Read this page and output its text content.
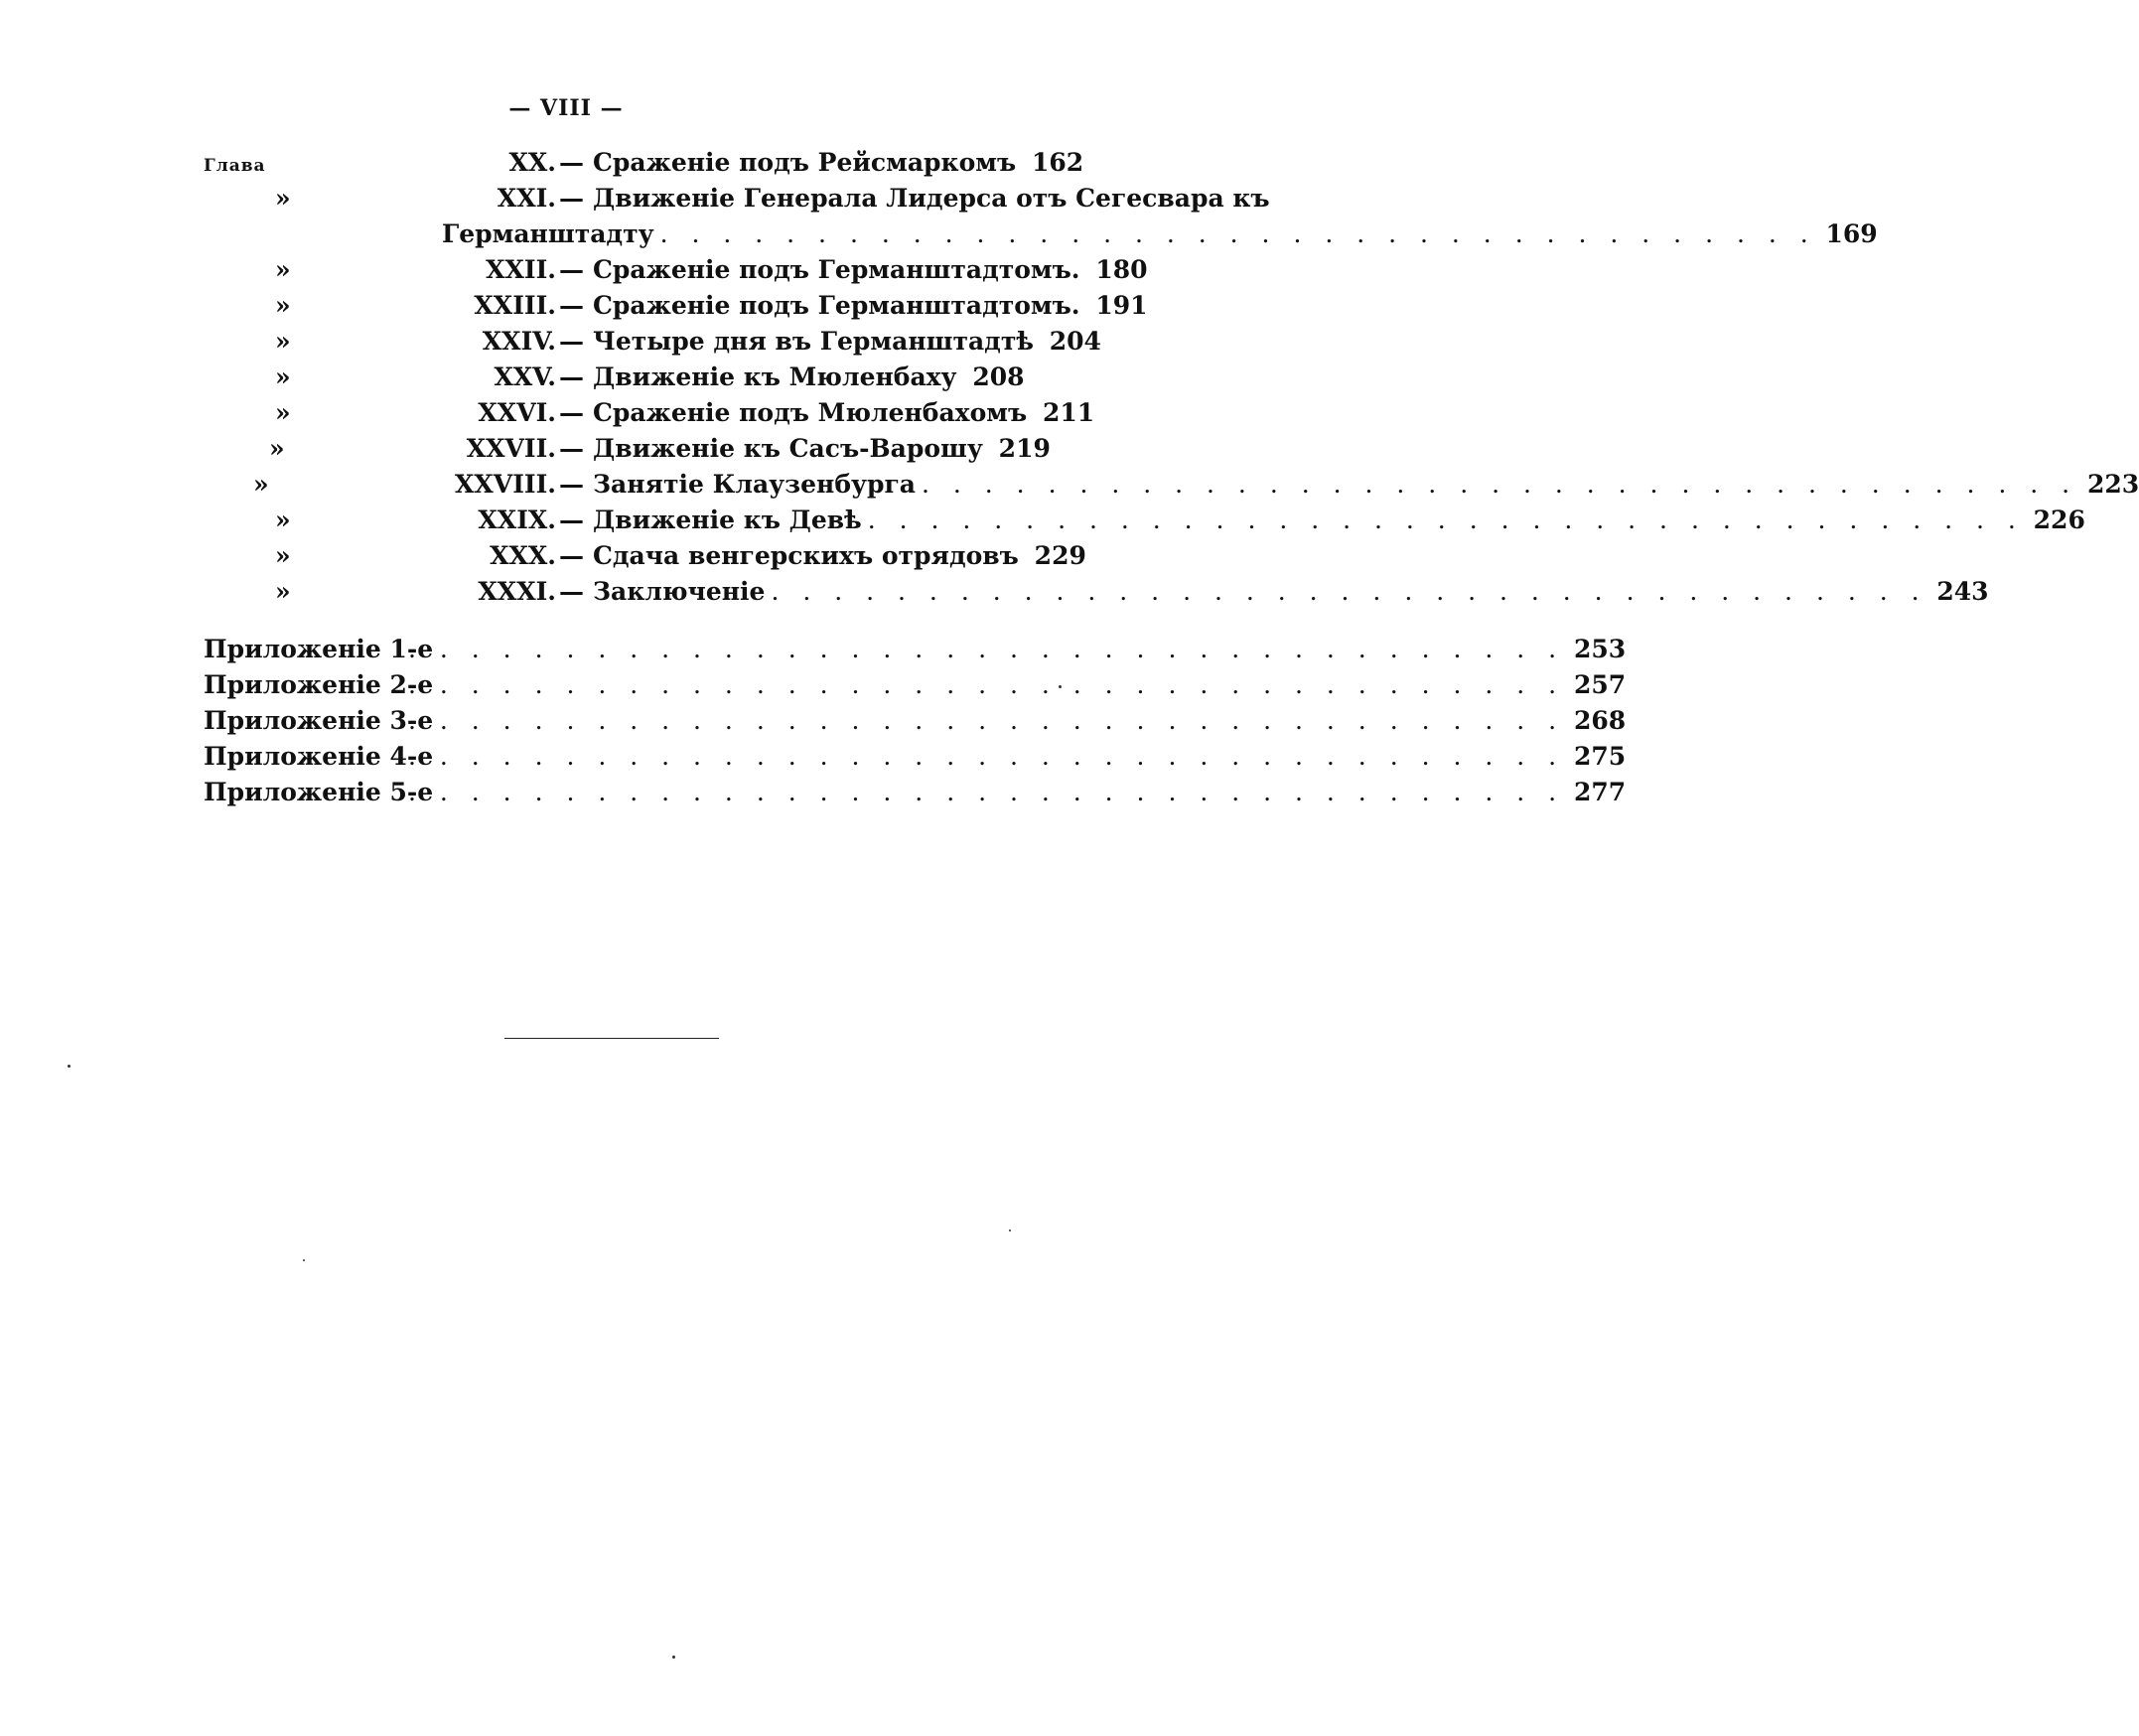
— VIII —
Глава	XX. — Сраженіе подъ Рейсмаркомъ 162
»	XXI. — Движеніе Генерала Лидерса отъ Сегесвара къ
Германштадту . . .	169
»	XXII. — Сраженіе подъ Германштадтомъ. 180
»	XXIII. — Сраженіе подъ Германштадтомъ. 191
»	XXIV. — Четыре дня въ Германштадтѣ 204
»	XXV. — Движеніе къ Мюленбаху 208
»	XXVI. — Сраженіе подъ Мюленбахомъ 211
»	XXVII. — Движеніе къ Сасъ-Варошу 219
»	XXVIII. — Занятіе Клаузенбурга . . .	223
»	XXIX. — Движеніе къ Девѣ . . .	226
»	XXX. — Сдача венгерскихъ отрядовъ 229
»	XXXI. — Заключеніе . . .	243
Приложеніе 1-е . . .	253
Приложеніе 2-е . . .	257
Приложеніе 3-е . . .	268
Приложеніе 4-е . . .	275
Приложеніе 5-е . . .	277
